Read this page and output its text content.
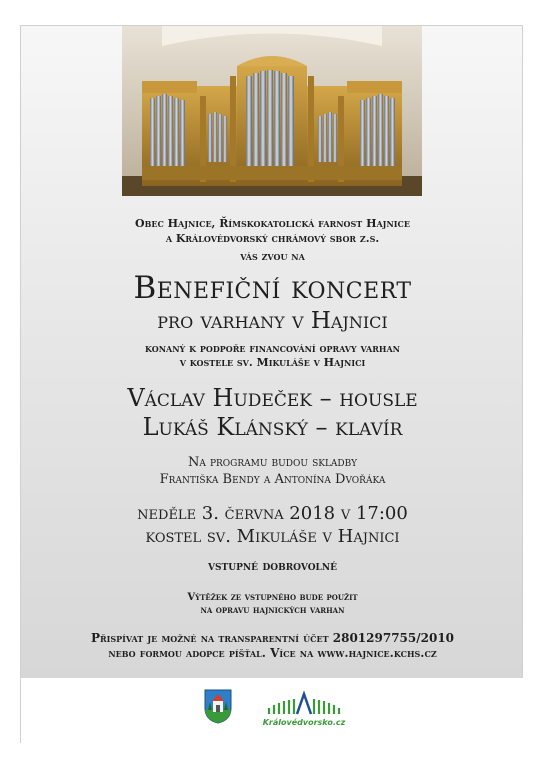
Obec Hajnice, Římskokatolická farnost Hajnice
a Královédvorský chrámový sbor z.s.
vás zvou na
Benefiční koncert
pro varhany v Hajnici
konaný k podpoře financování opravy varhan
v kostele sv. Mikuláše v Hajnici
Václav Hudeček – housle
Lukáš Klánský – klavír
Na programu budou skladby
Františka Bendy a Antonína Dvořáka
neděle 3. června 2018 v 17:00
kostel sv. Mikuláše v Hajnici
vstupné dobrovolné
Výtěžek ze vstupného bude použit
na opravu hajnických varhan
Přispívat je možné na transparentní účet 2801297755/2010
nebo formou adopce píšťal. Více na www.hajnice.kchs.cz
Královédvorsko.cz
